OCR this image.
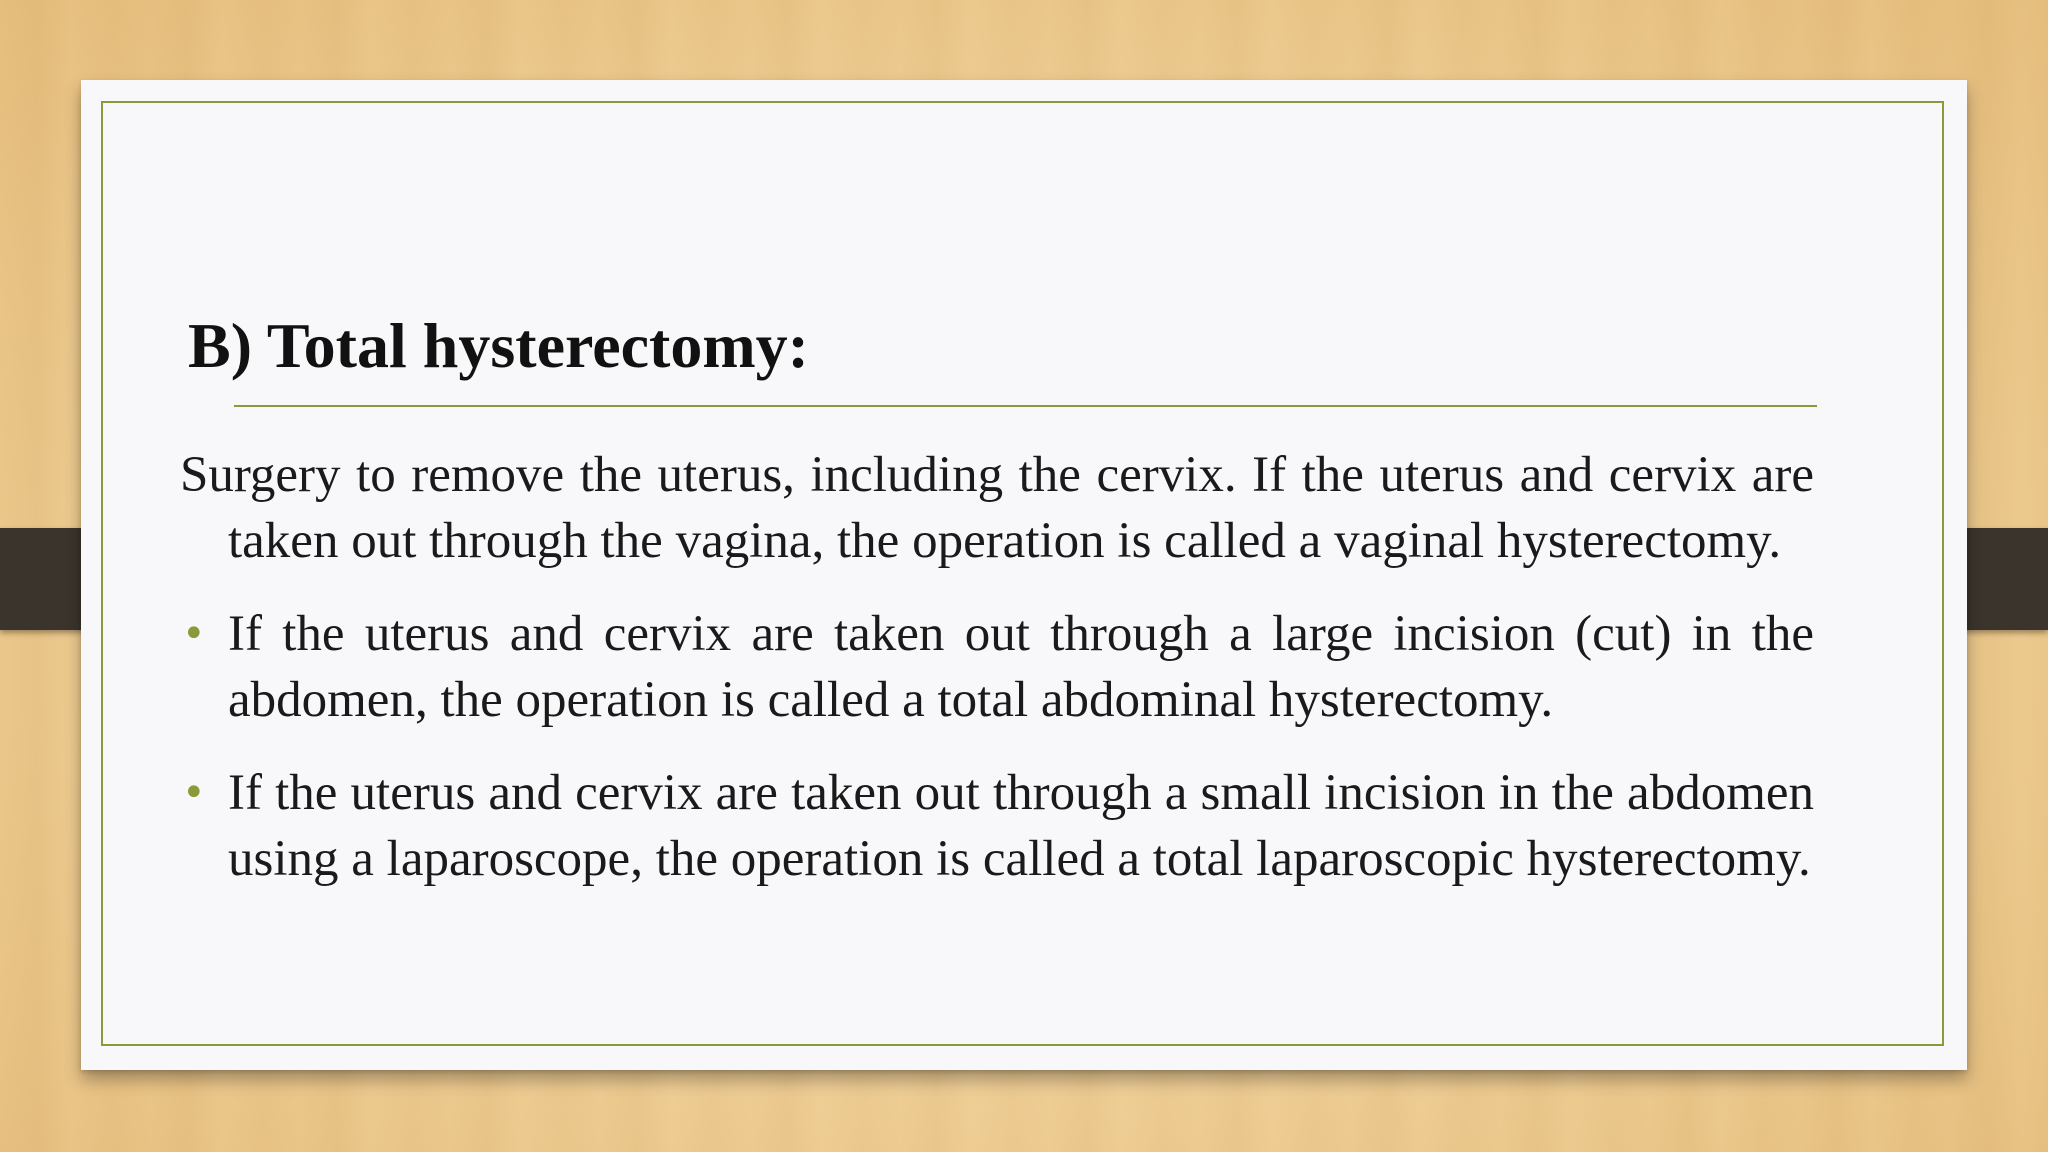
B) Total hysterectomy:

Surgery to remove the uterus, including the cervix. If the uterus and cervix are taken out through the vagina, the operation is called a vaginal hysterectomy.

• If the uterus and cervix are taken out through a large incision (cut) in the abdomen, the operation is called a total abdominal hysterectomy.
• If the uterus and cervix are taken out through a small incision in the abdomen using a laparoscope, the operation is called a total laparoscopic hysterectomy.
